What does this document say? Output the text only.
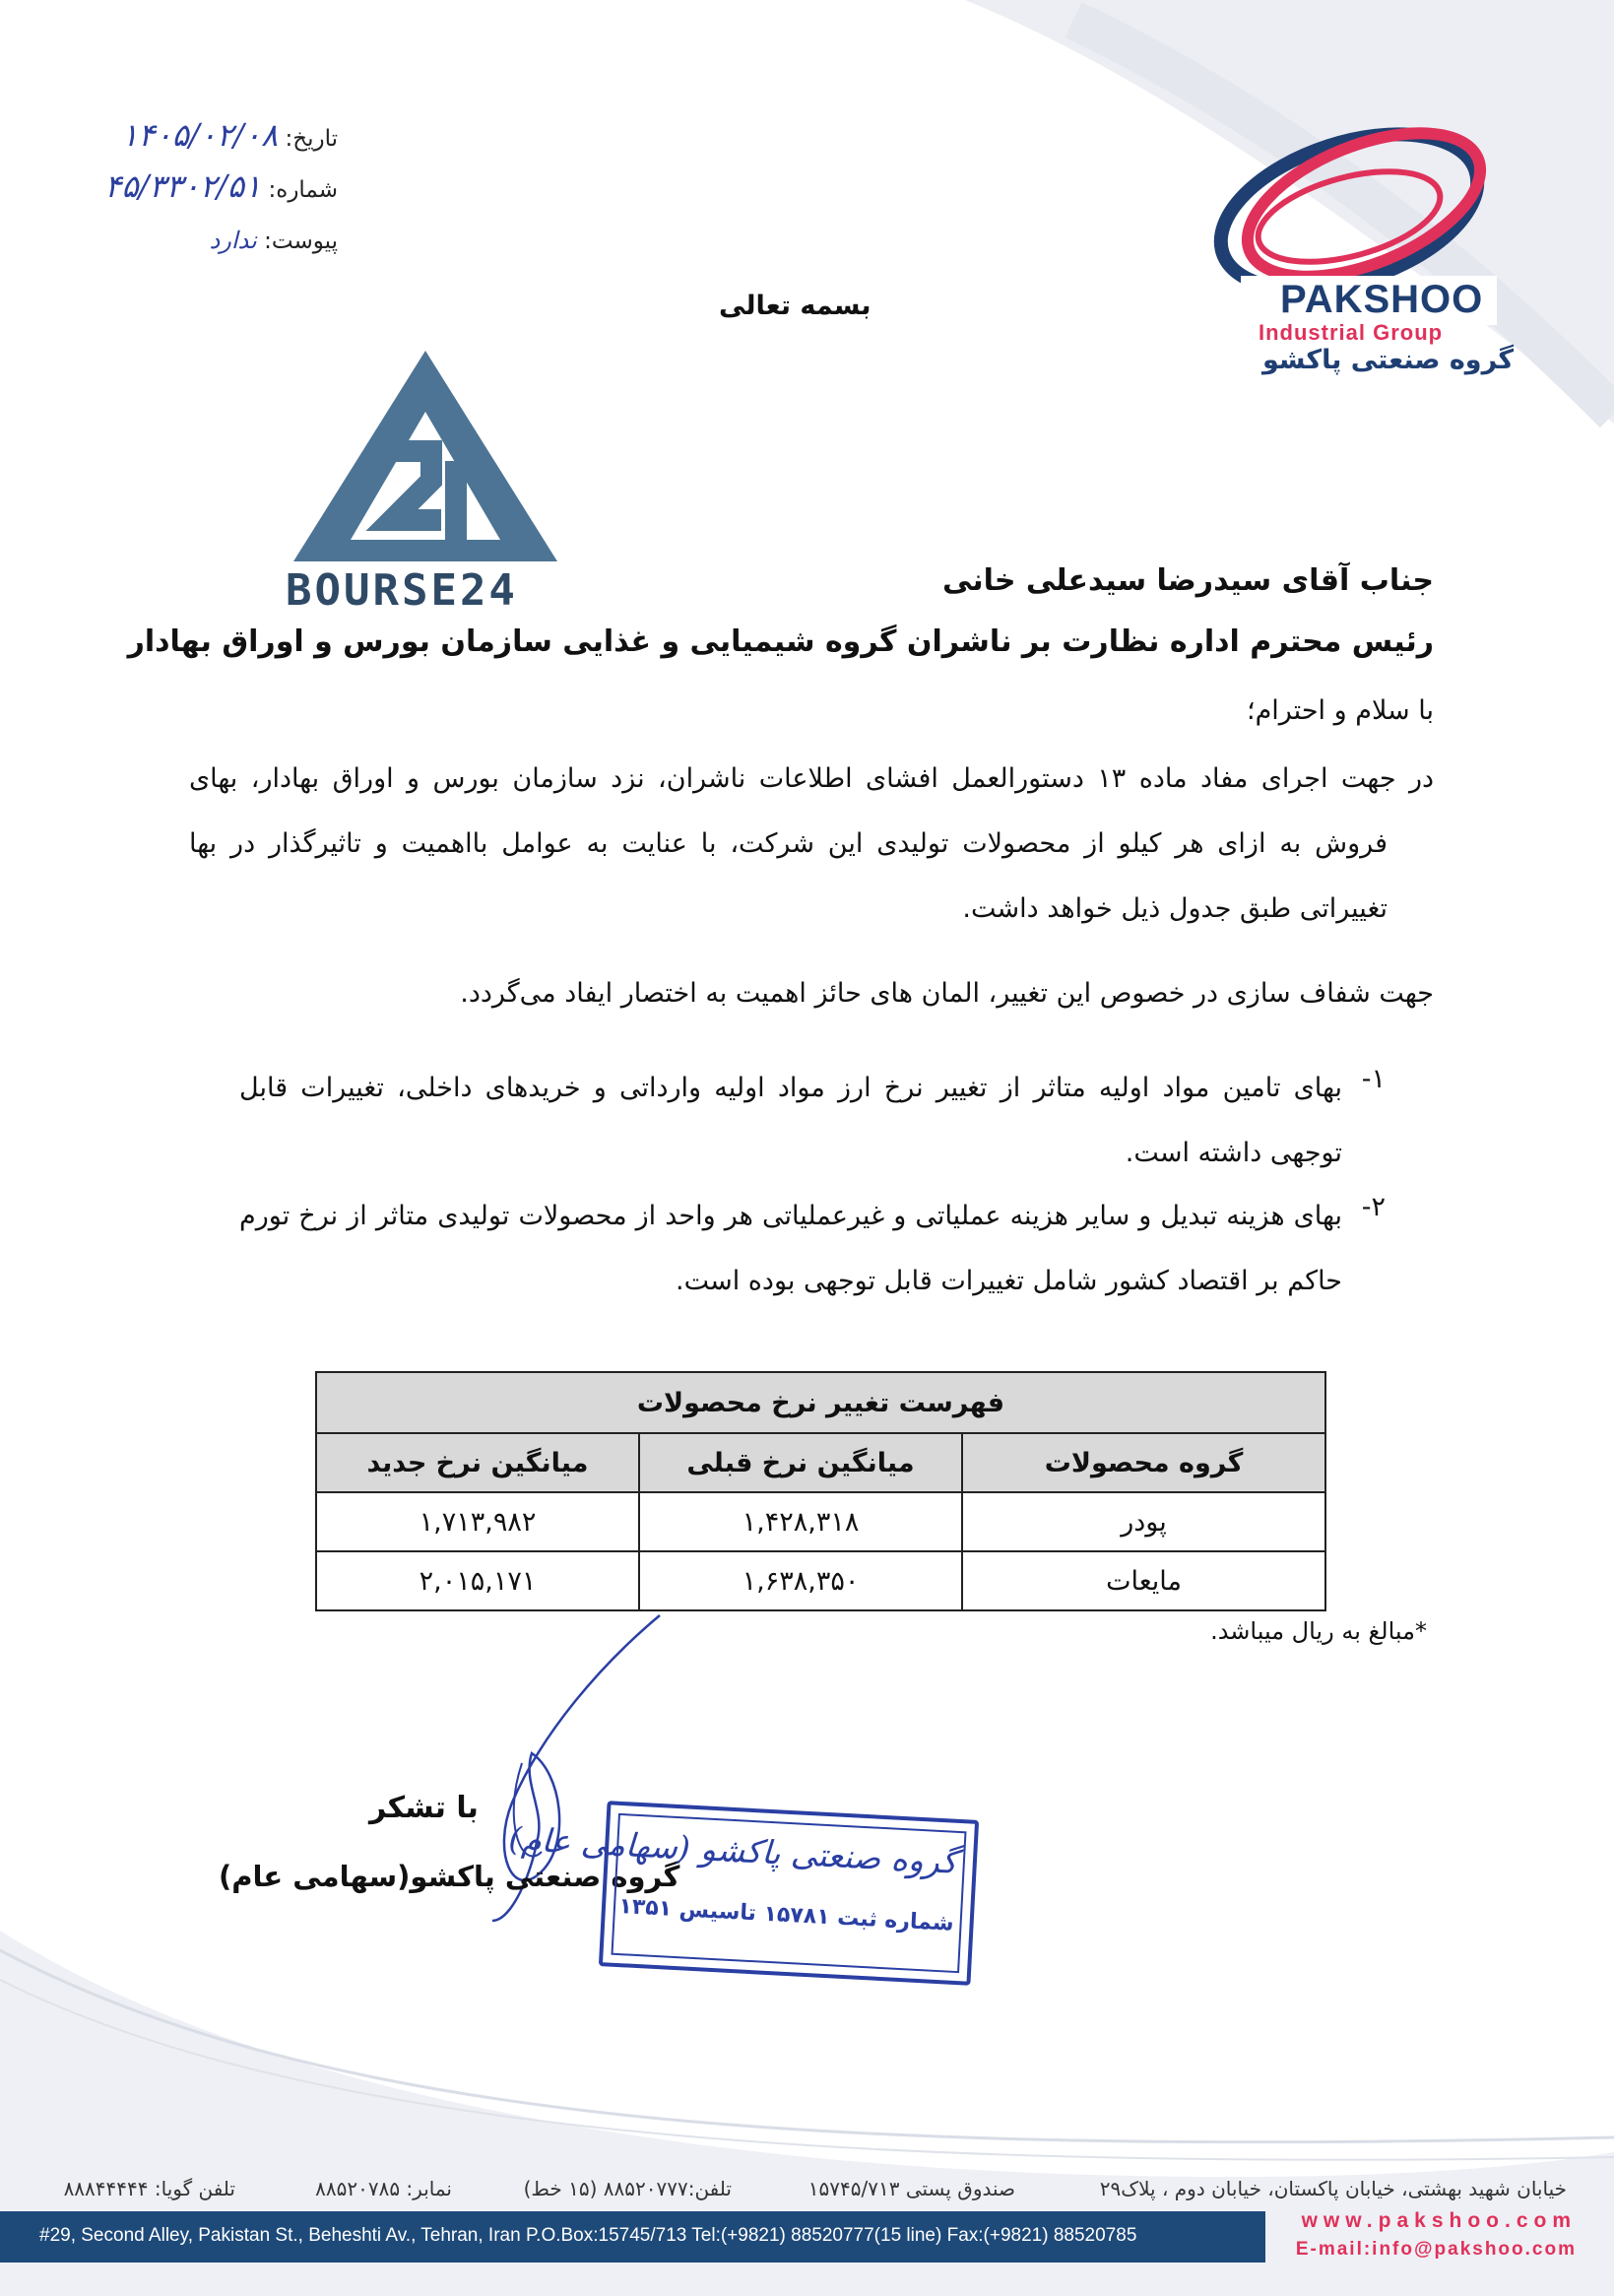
PAKSHOO
Industrial Group
گروه صنعتی پاکشو
تاریخ: ۱۴۰۵/۰۲/۰۸
شماره: ۴۵/۳۳۰۲/۵۱
پیوست: ندارد
بسمه تعالی
BOURSE24	جناب آقای سیدرضا سیدعلی خانی
رئیس محترم اداره نظارت بر ناشران گروه شیمیایی و غذایی سازمان بورس و اوراق بهادار
با سلام و احترام؛
در جهت اجرای مفاد ماده ۱۳ دستورالعمل افشای اطلاعات ناشران، نزد سازمان بورس و اوراق بهادار، بهای فروش به ازای هر کیلو از محصولات تولیدی این شرکت، با عنایت به عوامل بااهمیت و تاثیرگذار در بها تغییراتی طبق جدول ذیل خواهد داشت.
جهت شفاف سازی در خصوص این تغییر، المان های حائز اهمیت به اختصار ایفاد می‌گردد.
۱-
بهای تامین مواد اولیه متاثر از تغییر نرخ ارز مواد اولیه وارداتی و خریدهای داخلی، تغییرات قابل توجهی داشته است.
۲-
بهای هزینه تبدیل و سایر هزینه عملیاتی و غیرعملیاتی هر واحد از محصولات تولیدی متاثر از نرخ تورم حاکم بر اقتصاد کشور شامل تغییرات قابل توجهی بوده است.
فهرست تغییر نرخ محصولات		
گروه محصولات	میانگین نرخ قبلی	میانگین نرخ جدید
پودر	۱,۴۲۸,۳۱۸	۱,۷۱۳,۹۸۲
مایعات	۱,۶۳۸,۳۵۰	۲,۰۱۵,۱۷۱
*مبالغ به ریال میباشد.
با تشکر
گروه صنعتی پاکشو(سهامی عام)
گروه صنعتی پاکشو (سهامی عام)
شماره ثبت ۱۵۷۸۱ تاسیس ۱۳۵۱
خیابان شهید بهشتی، خیابان پاکستان، خیابان دوم ، پلاک۲۹
صندوق پستی ۱۵۷۴۵/۷۱۳
تلفن:۸۸۵۲۰۷۷۷ (۱۵ خط)
نمابر: ۸۸۵۲۰۷۸۵
تلفن گویا: ۸۸۸۴۴۴۴۴
#29, Second Alley, Pakistan St., Beheshti Av., Tehran, Iran P.O.Box:15745/713 Tel:(+9821) 88520777(15 line) Fax:(+9821) 88520785
www.pakshoo.com
E-mail:info@pakshoo.com
